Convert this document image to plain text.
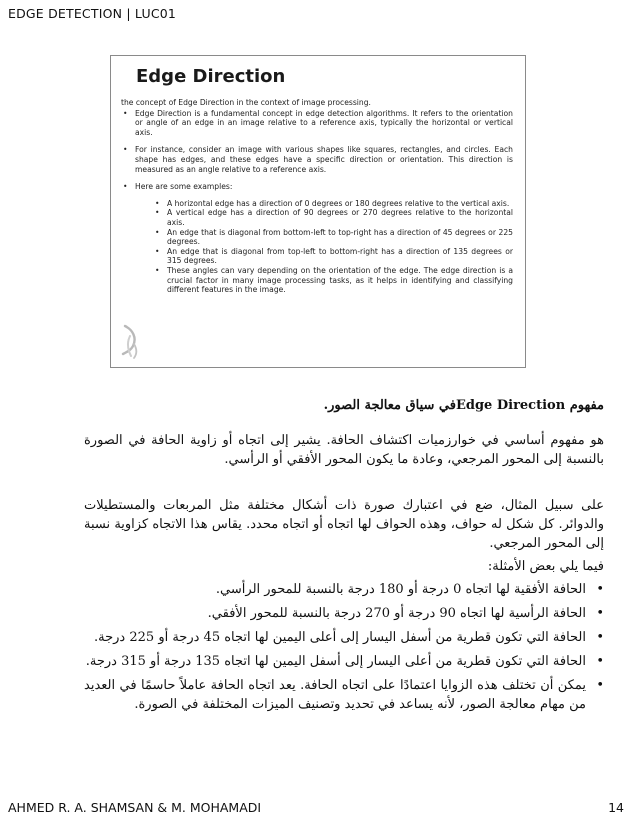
EDGE DETECTION | LUC01
Edge Direction

the concept of Edge Direction in the context of image processing.

• Edge Direction is a fundamental concept in edge detection algorithms. It refers to the orientation or angle of an edge in an image relative to a reference axis, typically the horizontal or vertical axis.
• For instance, consider an image with various shapes like squares, rectangles, and circles. Each shape has edges, and these edges have a specific direction or orientation. This direction is measured as an angle relative to a reference axis.
• Here are some examples:
• A horizontal edge has a direction of 0 degrees or 180 degrees relative to the vertical axis.
• A vertical edge has a direction of 90 degrees or 270 degrees relative to the horizontal axis.
• An edge that is diagonal from bottom-left to top-right has a direction of 45 degrees or 225 degrees.
• An edge that is diagonal from top-left to bottom-right has a direction of 135 degrees or 315 degrees.
• These angles can vary depending on the orientation of the edge. The edge direction is a crucial factor in many image processing tasks, as it helps in identifying and classifying different features in the image.
مفهوم Edge Directionفي سياق معالجة الصور.

هو مفهوم أساسي في خوارزميات اكتشاف الحافة. يشير إلى اتجاه أو زاوية الحافة في الصورة بالنسبة إلى المحور المرجعي، وعادة ما يكون المحور الأفقي أو الرأسي.

على سبيل المثال، ضع في اعتبارك صورة ذات أشكال مختلفة مثل المربعات والمستطيلات والدوائر. كل شكل له حواف، وهذه الحواف لها اتجاه أو اتجاه محدد. يقاس هذا الاتجاه كزاوية نسبة إلى المحور المرجعي.

فيما يلي بعض الأمثلة:

• الحافة الأفقية لها اتجاه 0 درجة أو 180 درجة بالنسبة للمحور الرأسي.
• الحافة الرأسية لها اتجاه 90 درجة أو 270 درجة بالنسبة للمحور الأفقي.
• الحافة التي تكون قطرية من أسفل اليسار إلى أعلى اليمين لها اتجاه 45 درجة أو 225 درجة.
• الحافة التي تكون قطرية من أعلى اليسار إلى أسفل اليمين لها اتجاه 135 درجة أو 315 درجة.
• يمكن أن تختلف هذه الزوايا اعتمادًا على اتجاه الحافة. يعد اتجاه الحافة عاملاً حاسمًا في العديد من مهام معالجة الصور، لأنه يساعد في تحديد وتصنيف الميزات المختلفة في الصورة.
AHMED R. A. SHAMSAN & M. MOHAMADI	14
